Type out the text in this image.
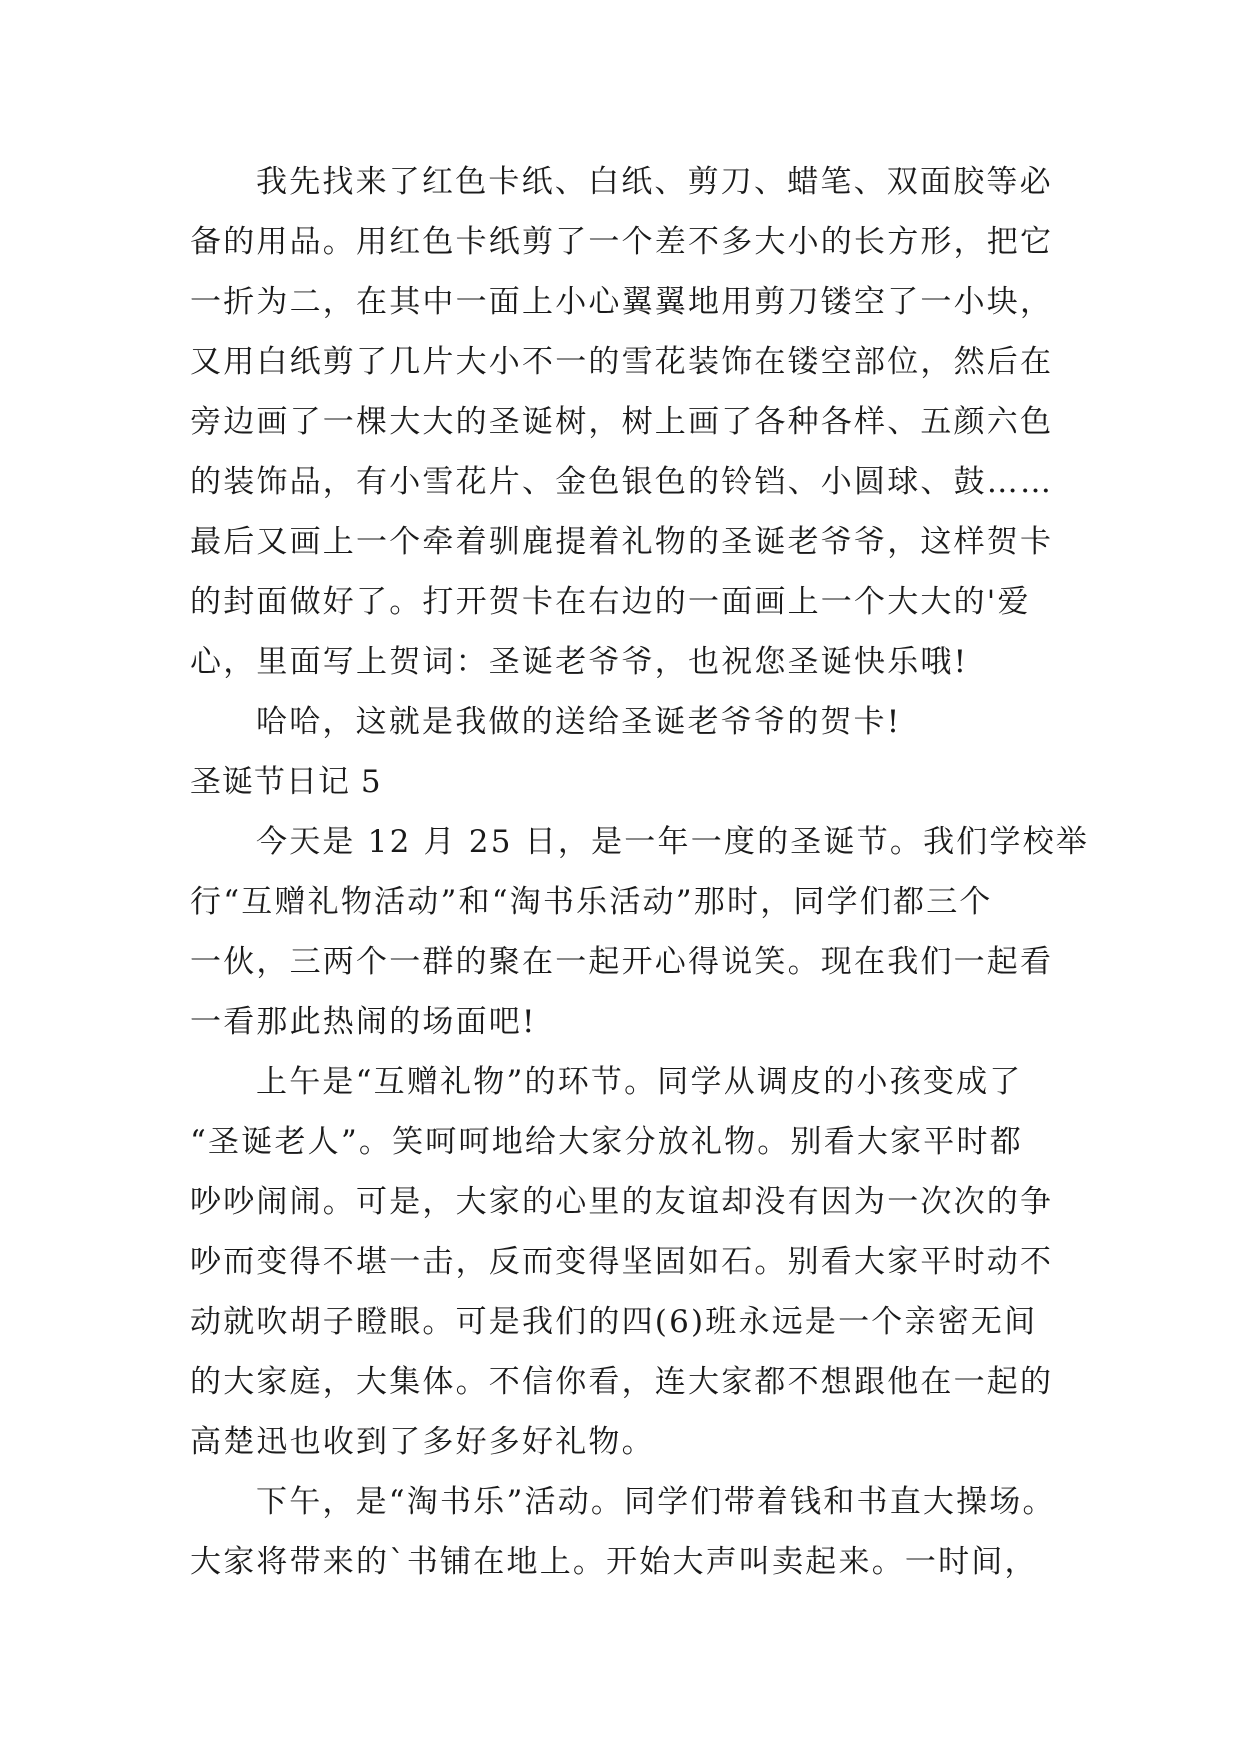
我先找来了红色卡纸、白纸、剪刀、蜡笔、双面胶等必
备的用品。用红色卡纸剪了一个差不多大小的长方形，把它
一折为二，在其中一面上小心翼翼地用剪刀镂空了一小块，
又用白纸剪了几片大小不一的雪花装饰在镂空部位，然后在
旁边画了一棵大大的圣诞树，树上画了各种各样、五颜六色
的装饰品，有小雪花片、金色银色的铃铛、小圆球、鼓……
最后又画上一个牵着驯鹿提着礼物的圣诞老爷爷，这样贺卡
的封面做好了。打开贺卡在右边的一面画上一个大大的'爱
心，里面写上贺词：圣诞老爷爷，也祝您圣诞快乐哦!
哈哈，这就是我做的送给圣诞老爷爷的贺卡!
圣诞节日记 5
今天是 12 月 25 日，是一年一度的圣诞节。我们学校举
行“互赠礼物活动”和“淘书乐活动”那时，同学们都三个
一伙，三两个一群的聚在一起开心得说笑。现在我们一起看
一看那此热闹的场面吧!
上午是“互赠礼物”的环节。同学从调皮的小孩变成了
“圣诞老人”。笑呵呵地给大家分放礼物。别看大家平时都
吵吵闹闹。可是，大家的心里的友谊却没有因为一次次的争
吵而变得不堪一击，反而变得坚固如石。别看大家平时动不
动就吹胡子瞪眼。可是我们的四(6)班永远是一个亲密无间
的大家庭，大集体。不信你看，连大家都不想跟他在一起的
高楚迅也收到了多好多好礼物。
下午，是“淘书乐”活动。同学们带着钱和书直大操场。
大家将带来的`书铺在地上。开始大声叫卖起来。一时间，
